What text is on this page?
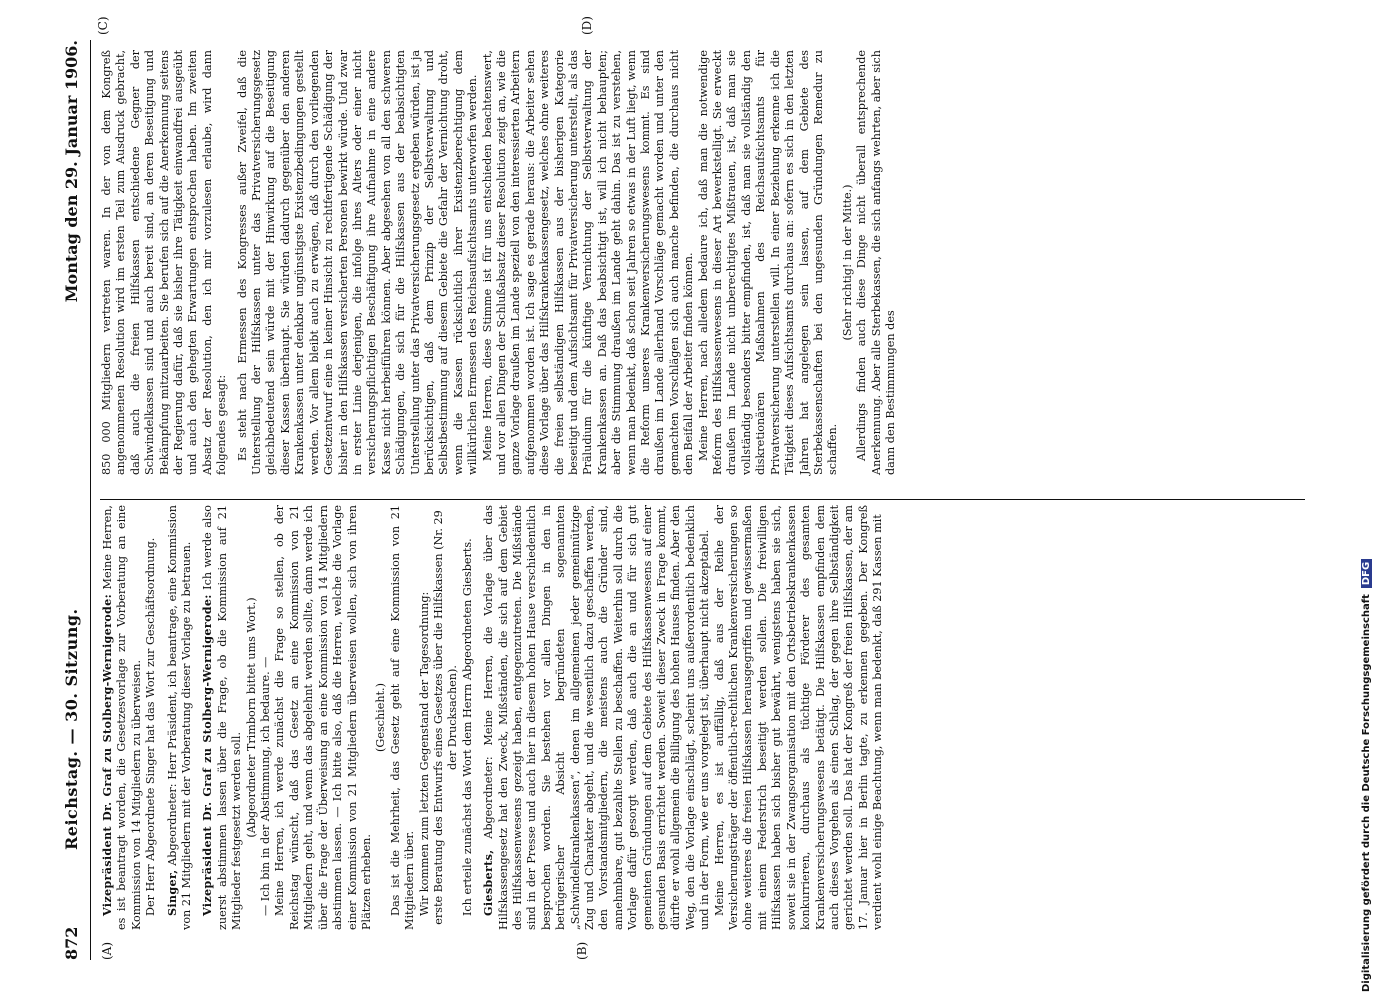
872
Reichstag. — 30. Sitzung.
Montag den 29. Januar 1906.
(A)	(B)
(C)	(D)

Vizepräsident Dr. Graf zu Stolberg-Wernigerode: Meine Herren, es ist beantragt worden, die Gesetzesvorlage zur Vorberatung an eine Kommission von 14 Mitgliedern zu überweisen. Der Herr Abgeordnete Singer hat das Wort zur Geschäftsordnung. Singer, Abgeordneter: Herr Präsident, ich beantrage, eine Kommission von 21 Mitgliedern mit der Vorberatung dieser Vorlage zu betrauen. Vizepräsident Dr. Graf zu Stolberg-Wernigerode: Ich werde also zuerst abstimmen lassen über die Frage, ob die Kommission auf 21 Mitglieder festgesetzt werden soll. (Abgeordneter Trimborn bittet ums Wort.) — Ich bin in der Abstimmung, ich bedaure. — Meine Herren, ich werde zunächst die Frage so stellen, ob der Reichstag wünscht, daß das Gesetz an eine Kommission von 21 Mitgliedern geht, und wenn das abgelehnt werden sollte, dann werde ich über die Frage der Überweisung an eine Kommission von 14 Mitgliedern abstimmen lassen. — Ich bitte also, daß die Herren, welche die Vorlage einer Kommission von 21 Mitgliedern überweisen wollen, sich von ihren Plätzen erheben.

(Geschieht.) Das ist die Mehrheit, das Gesetz geht auf eine Kommission von 21 Mitgliedern über. Wir kommen zum letzten Gegenstand der Tagesordnung: erste Beratung des Entwurfs eines Gesetzes über die Hilfskassen (Nr. 29 der Drucksachen). Ich erteile zunächst das Wort dem Herrn Abgeordneten Giesberts. Giesberts, Abgeordneter: Meine Herren, die Vorlage über das Hilfskassengesetz hat den Zweck, Mißständen, die sich auf dem Gebiet des Hilfskassenwesens gezeigt haben, entgegenzutreten. Die Mißstände sind in der Presse und auch hier in diesem hohen Hause verschiedentlich besprochen worden. Sie bestehen vor allen Dingen in den in betrügerischer Absicht begründeten sogenannten „Schwindelkrankenkassen“, denen im allgemeinen jeder gemeinnützige Zug und Charakter abgeht, und die wesentlich dazu geschaffen werden, den Vorstandsmitgliedern, die meistens auch die Gründer sind, annehmbare, gut bezahlte Stellen zu beschaffen. Weiterhin soll durch die Vorlage dafür gesorgt werden, daß auch die an und für sich gut gemeinten Gründungen auf dem Gebiete des Hilfskassenwesens auf einer gesunden Basis errichtet werden. Soweit dieser Zweck in Frage kommt, dürfte er wohl allgemein die Billigung des hohen Hauses finden. Aber den Weg, den die Vorlage einschlägt, scheint uns außerordentlich bedenklich und in der Form, wie er uns vorgelegt ist, überhaupt nicht akzeptabel. Meine Herren, es ist auffällig, daß aus der Reihe der Versicherungsträger der öffentlich-rechtlichen Krankenversicherungen so ohne weiteres die freien Hilfskassen herausgegriffen und gewissermaßen mit einem Federstrich beseitigt werden sollen. Die freiwilligen Hilfskassen haben sich bisher gut bewährt, wenigstens haben sie sich, soweit sie in der Zwangsorganisation mit den Ortsbetriebskrankenkassen konkurrieren, durchaus als tüchtige Förderer des gesamten Krankenversicherungswesens betätigt. Die Hilfskassen empfinden dem auch dieses Vorgehen als einen Schlag, der gegen ihre Selbständigkeit gerichtet werden soll. Das hat der Kongreß der freien Hilfskassen, der am 17. Januar hier in Berlin tagte, zu erkennen gegeben. Der Kongreß verdient wohl einige Beachtung, wenn man bedenkt, daß 291 Kassen mit

850 000 Mitgliedern vertreten waren. In der von dem Kongreß angenommenen Resolution wird im ersten Teil zum Ausdruck gebracht, daß auch die freien Hilfskassen entschiedene Gegner der Schwindelkassen sind und auch bereit sind, an deren Beseitigung und Bekämpfung mitzuarbeiten. Sie berufen sich auf die Anerkennung seitens der Regierung dafür, daß sie bisher ihre Tätigkeit einwandfrei ausgeübt und auch den gehegten Erwartungen entsprochen haben. Im zweiten Absatz der Resolution, den ich mir vorzulesen erlaube, wird dann folgendes gesagt: Es steht nach Ermessen des Kongresses außer Zweifel, daß die Unterstellung der Hilfskassen unter das Privatversicherungsgesetz gleichbedeutend sein würde mit der Hinwirkung auf die Beseitigung dieser Kassen überhaupt. Sie würden dadurch gegenüber den anderen Krankenkassen unter denkbar ungünstigste Existenzbedingungen gestellt werden. Vor allem bleibt auch zu erwägen, daß durch den vorliegenden Gesetzentwurf eine in keiner Hinsicht zu rechtfertigende Schädigung der bisher in den Hilfskassen versicherten Personen bewirkt würde. Und zwar in erster Linie derjenigen, die infolge ihres Alters oder einer nicht versicherungspflichtigen Beschäftigung ihre Aufnahme in eine andere Kasse nicht herbeiführen können. Aber abgesehen von all den schweren Schädigungen, die sich für die Hilfskassen aus der beabsichtigten Unterstellung unter das Privatversicherungsgesetz ergeben würden, ist ja berücksichtigen, daß dem Prinzip der Selbstverwaltung und Selbstbestimmung auf diesem Gebiete die Gefahr der Vernichtung droht, wenn die Kassen rücksichtlich ihrer Existenzberechtigung dem willkürlichen Ermessen des Reichsaufsichtsamts unterworfen werden. Meine Herren, diese Stimme ist für uns entschieden beachtenswert, und vor allen Dingen der Schlußabsatz dieser Resolution zeigt an, wie die ganze Vorlage draußen im Lande speziell von den interessierten Arbeitern aufgenommen worden ist. Ich sage es gerade heraus: die Arbeiter sehen diese Vorlage über das Hilfskrankenkassengesetz, welches ohne weiteres die freien selbständigen Hilfskassen aus der bisherigen Kategorie beseitigt und dem Aufsichtsamt für Privatversicherung unterstellt, als das Präludium für die künftige Vernichtung der Selbstverwaltung der Krankenkassen an. Daß das beabsichtigt ist, will ich nicht behaupten; aber die Stimmung draußen im Lande geht dahin. Das ist zu verstehen, wenn man bedenkt, daß schon seit Jahren so etwas in der Luft liegt, wenn die Reform unseres Krankenversicherungswesens kommt. Es sind draußen im Lande allerhand Vorschläge gemacht worden und unter den gemachten Vorschlägen sich auch manche befinden, die durchaus nicht den Beifall der Arbeiter finden können. Meine Herren, nach alledem bedaure ich, daß man die notwendige Reform des Hilfskassenwesens in dieser Art bewerkstelligt. Sie erweckt draußen im Lande nicht unberechtigtes Mißtrauen, ist, daß man sie vollständig besonders bitter empfinden, ist, daß man sie vollständig den diskretionären Maßnahmen des Reichsaufsichtsamts für Privatversicherung unterstellen will. In einer Beziehung erkenne ich die Tätigkeit dieses Aufsichtsamts durchaus an: sofern es sich in den letzten Jahren hat angelegen sein lassen, auf dem Gebiete des Sterbekassenschaften bei den ungesunden Gründungen Remedur zu schaffen.

(Sehr richtig! in der Mitte.) Allerdings finden auch diese Dinge nicht überall entsprechende Anerkennung. Aber alle Sterbekassen, die sich anfangs wehrten, aber sich dann den Bestimmungen des

Digitalisierung gefördert durch die Deutsche ForschungsgemeinschaftDFG
